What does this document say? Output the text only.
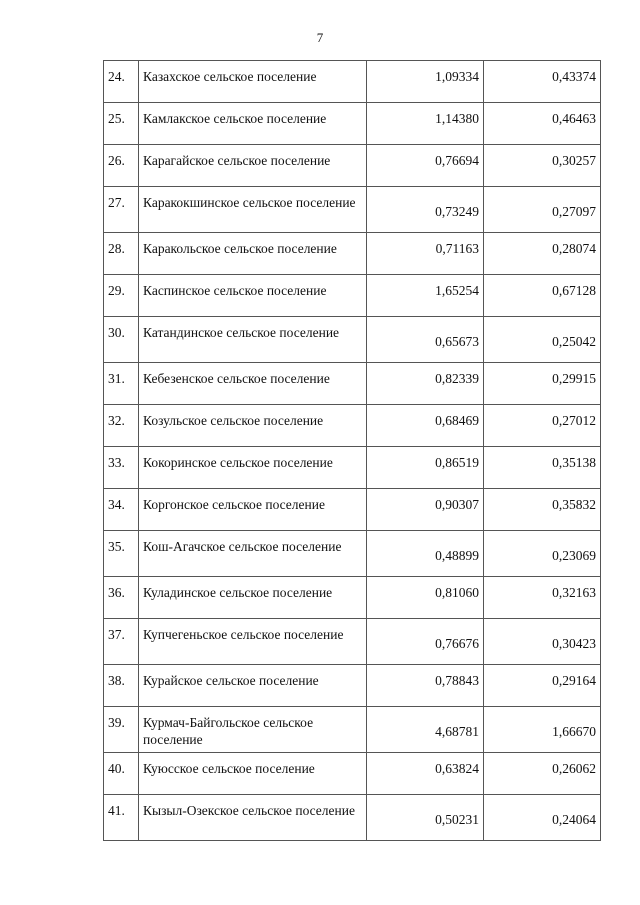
7
24.	Казахское сельское поселение	1,09334	0,43374
25.	Камлакское сельское поселение	1,14380	0,46463
26.	Карагайское сельское поселение	0,76694	0,30257
27.	Каракокшинское сельское поселение	0,73249	0,27097
28.	Каракольское сельское поселение	0,71163	0,28074
29.	Каспинское сельское поселение	1,65254	0,67128
30.	Катандинское сельское поселение	0,65673	0,25042
31.	Кебезенское сельское поселение	0,82339	0,29915
32.	Козульское сельское поселение	0,68469	0,27012
33.	Кокоринское сельское поселение	0,86519	0,35138
34.	Коргонское сельское поселение	0,90307	0,35832
35.	Кош-Агачское сельское поселение	0,48899	0,23069
36.	Куладинское сельское поселение	0,81060	0,32163
37.	Купчегеньское сельское поселение	0,76676	0,30423
38.	Курайское сельское поселение	0,78843	0,29164
39.	Курмач-Байгольское сельское поселение	4,68781	1,66670
40.	Куюсское сельское поселение	0,63824	0,26062
41.	Кызыл-Озекское сельское поселение	0,50231	0,24064
